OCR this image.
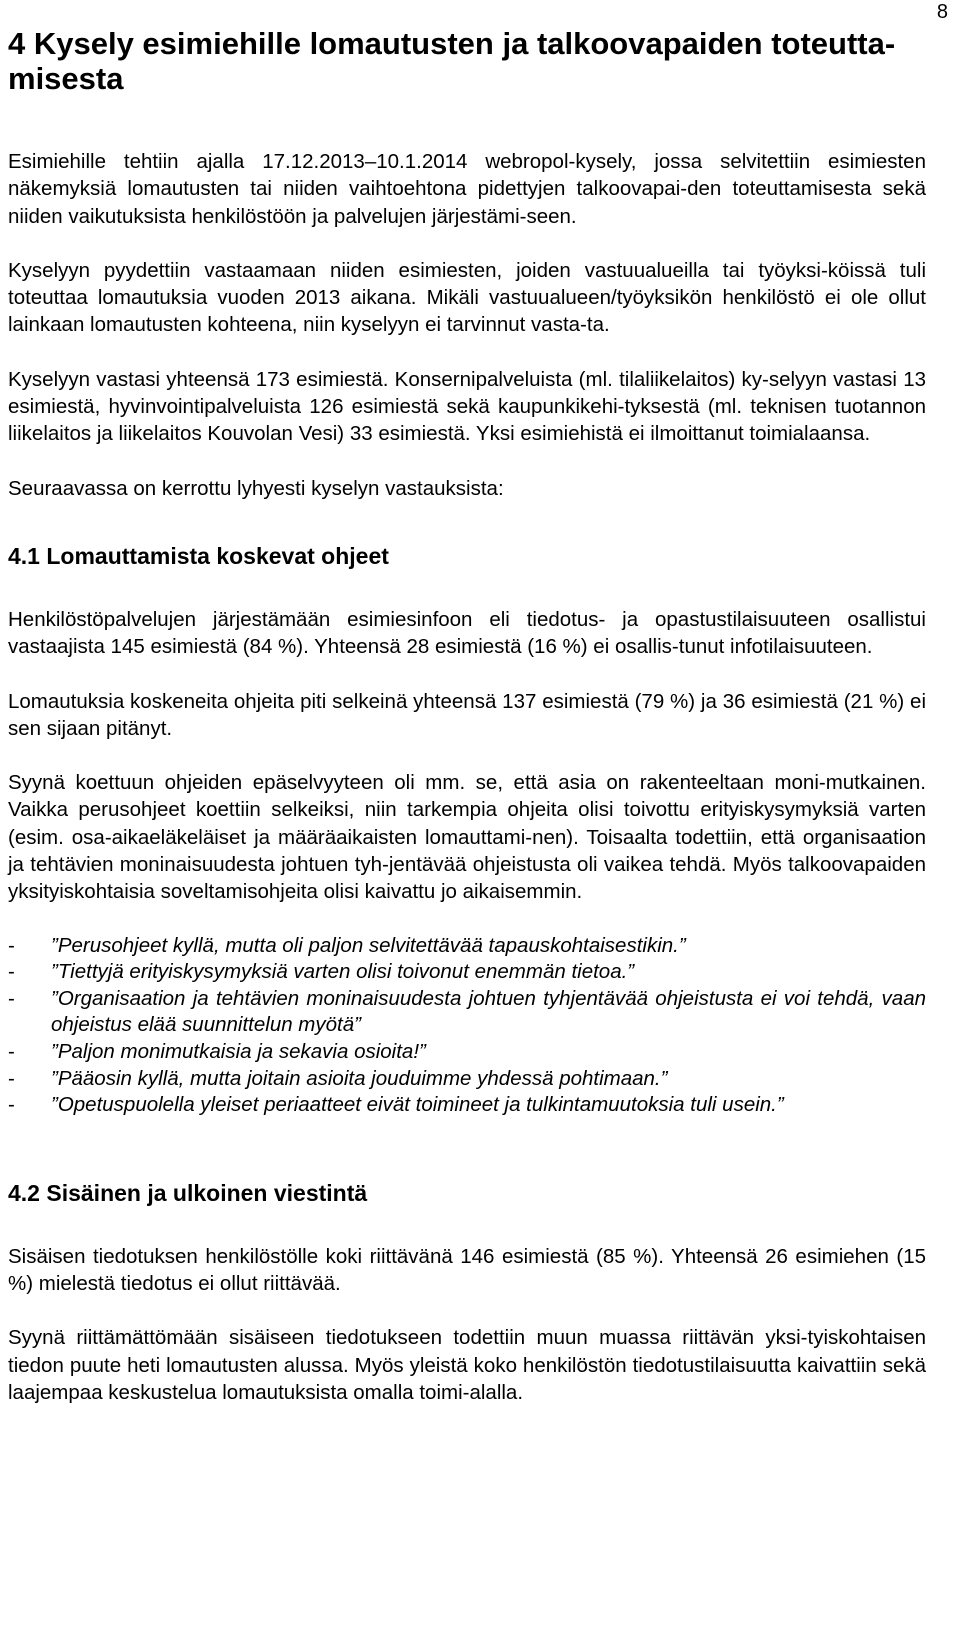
8
4 Kysely esimiehille lomautusten ja talkoovapaiden toteutta-misesta

Esimiehille tehtiin ajalla 17.12.2013–10.1.2014 webropol-kysely, jossa selvitettiin esimiesten näkemyksiä lomautusten tai niiden vaihtoehtona pidettyjen talkoovapai-den toteuttamisesta sekä niiden vaikutuksista henkilöstöön ja palvelujen järjestämi-seen.

Kyselyyn pyydettiin vastaamaan niiden esimiesten, joiden vastuualueilla tai työyksi-köissä tuli toteuttaa lomautuksia vuoden 2013 aikana. Mikäli vastuualueen/työyksikön henkilöstö ei ole ollut lainkaan lomautusten kohteena, niin kyselyyn ei tarvinnut vasta-ta.

Kyselyyn vastasi yhteensä 173 esimiestä. Konsernipalveluista (ml. tilaliikelaitos) ky-selyyn vastasi 13 esimiestä, hyvinvointipalveluista 126 esimiestä sekä kaupunkikehi-tyksestä (ml. teknisen tuotannon liikelaitos ja liikelaitos Kouvolan Vesi) 33 esimiestä. Yksi esimiehistä ei ilmoittanut toimialaansa.

Seuraavassa on kerrottu lyhyesti kyselyn vastauksista:

4.1 Lomauttamista koskevat ohjeet

Henkilöstöpalvelujen järjestämään esimiesinfoon eli tiedotus- ja opastustilaisuuteen osallistui vastaajista 145 esimiestä (84 %). Yhteensä 28 esimiestä (16 %) ei osallis-tunut infotilaisuuteen.

Lomautuksia koskeneita ohjeita piti selkeinä yhteensä 137 esimiestä (79 %) ja 36 esimiestä (21 %) ei sen sijaan pitänyt.

Syynä koettuun ohjeiden epäselvyyteen oli mm. se, että asia on rakenteeltaan moni-mutkainen. Vaikka perusohjeet koettiin selkeiksi, niin tarkempia ohjeita olisi toivottu erityiskysymyksiä varten (esim. osa-aikaeläkeläiset ja määräaikaisten lomauttami-nen). Toisaalta todettiin, että organisaation ja tehtävien moninaisuudesta johtuen tyh-jentävää ohjeistusta oli vaikea tehdä. Myös talkoovapaiden yksityiskohtaisia soveltamisohjeita olisi kaivattu jo aikaisemmin.

- ”Perusohjeet kyllä, mutta oli paljon selvitettävää tapauskohtaisestikin.”
- ”Tiettyjä erityiskysymyksiä varten olisi toivonut enemmän tietoa.”
- ”Organisaation ja tehtävien moninaisuudesta johtuen tyhjentävää ohjeistusta ei voi tehdä, vaan ohjeistus elää suunnittelun myötä”
- ”Paljon monimutkaisia ja sekavia osioita!”
- ”Pääosin kyllä, mutta joitain asioita jouduimme yhdessä pohtimaan.”
- ”Opetuspuolella yleiset periaatteet eivät toimineet ja tulkintamuutoksia tuli usein.”
4.2 Sisäinen ja ulkoinen viestintä

Sisäisen tiedotuksen henkilöstölle koki riittävänä 146 esimiestä (85 %). Yhteensä 26 esimiehen (15 %) mielestä tiedotus ei ollut riittävää.

Syynä riittämättömään sisäiseen tiedotukseen todettiin muun muassa riittävän yksi-tyiskohtaisen tiedon puute heti lomautusten alussa. Myös yleistä koko henkilöstön tiedotustilaisuutta kaivattiin sekä laajempaa keskustelua lomautuksista omalla toimi-alalla.
